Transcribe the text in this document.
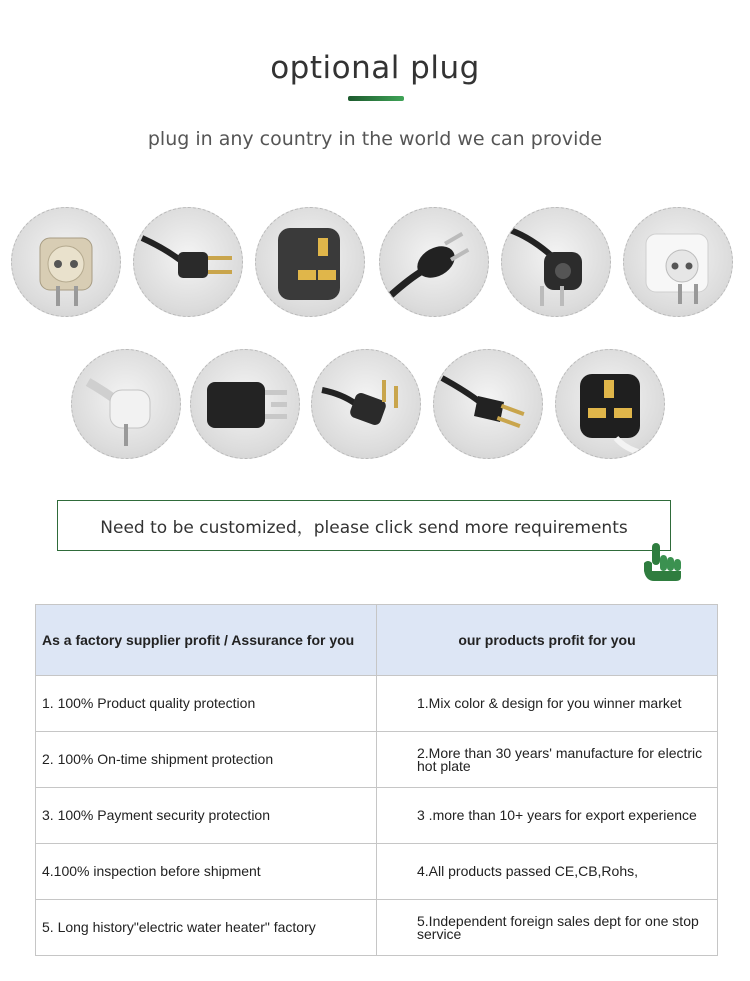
optional plug
plug in any country in the world we can provide
Need to be customized，please click send more requirements
As a factory supplier profit / Assurance for you	our products profit for you
1. 100% Product quality protection	1.Mix color & design for you winner market
2. 100% On-time shipment protection	2.More than 30 years' manufacture for electric hot plate
3. 100% Payment security protection	3 .more than 10+ years for export experience
4.100% inspection before shipment	4.All products passed CE,CB,Rohs,
5. Long history"electric water heater" factory	5.Independent foreign sales dept for one stop service
